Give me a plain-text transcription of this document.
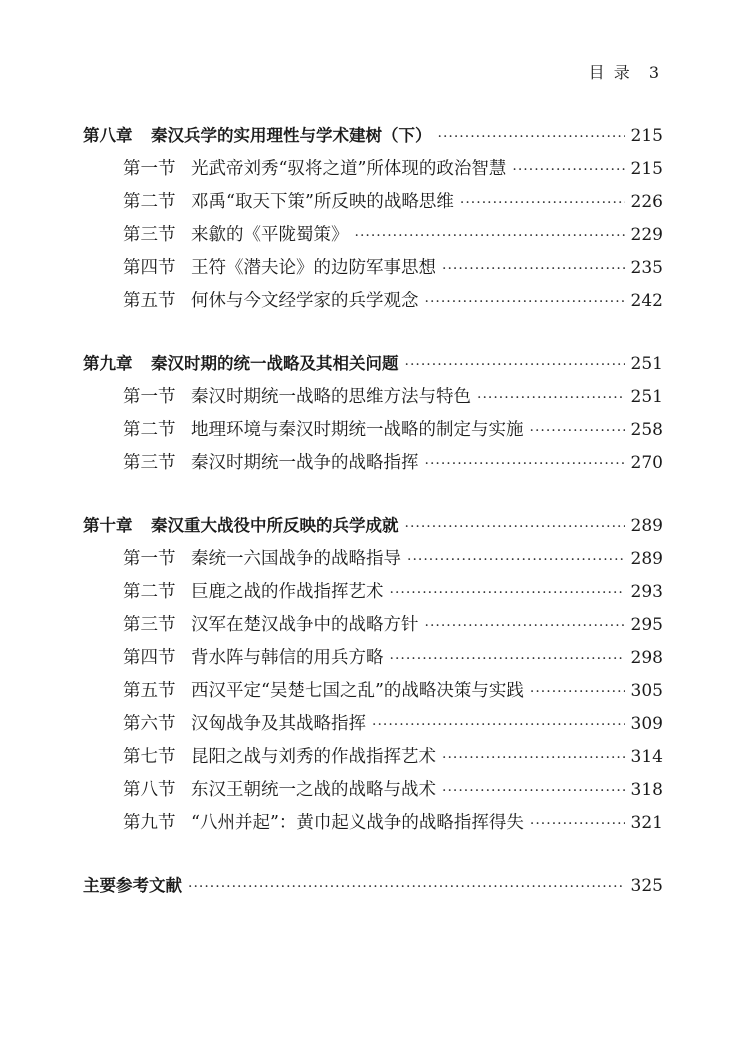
目 录 3
第八章	秦汉兵学的实用理性与学术建树（下） ·····	215
第一节 光武帝刘秀“驭将之道”所体现的政治智慧 ·····	215
第二节 邓禹“取天下策”所反映的战略思维 ·····	226
第三节 来歙的《平陇蜀策》 ·····	229
第四节 王符《潜夫论》的边防军事思想 ·····	235
第五节 何休与今文经学家的兵学观念 ·····	242
第九章	秦汉时期的统一战略及其相关问题 ·····	251
第一节 秦汉时期统一战略的思维方法与特色 ·····	251
第二节 地理环境与秦汉时期统一战略的制定与实施 ·····	258
第三节 秦汉时期统一战争的战略指挥 ·····	270
第十章	秦汉重大战役中所反映的兵学成就 ·····	289
第一节 秦统一六国战争的战略指导 ·····	289
第二节 巨鹿之战的作战指挥艺术 ·····	293
第三节 汉军在楚汉战争中的战略方针 ·····	295
第四节 背水阵与韩信的用兵方略 ·····	298
第五节 西汉平定“吴楚七国之乱”的战略决策与实践 ·····	305
第六节 汉匈战争及其战略指挥 ·····	309
第七节 昆阳之战与刘秀的作战指挥艺术 ·····	314
第八节 东汉王朝统一之战的战略与战术 ·····	318
第九节 “八州并起”：黄巾起义战争的战略指挥得失 ·····	321
主要参考文献 ·····	325
